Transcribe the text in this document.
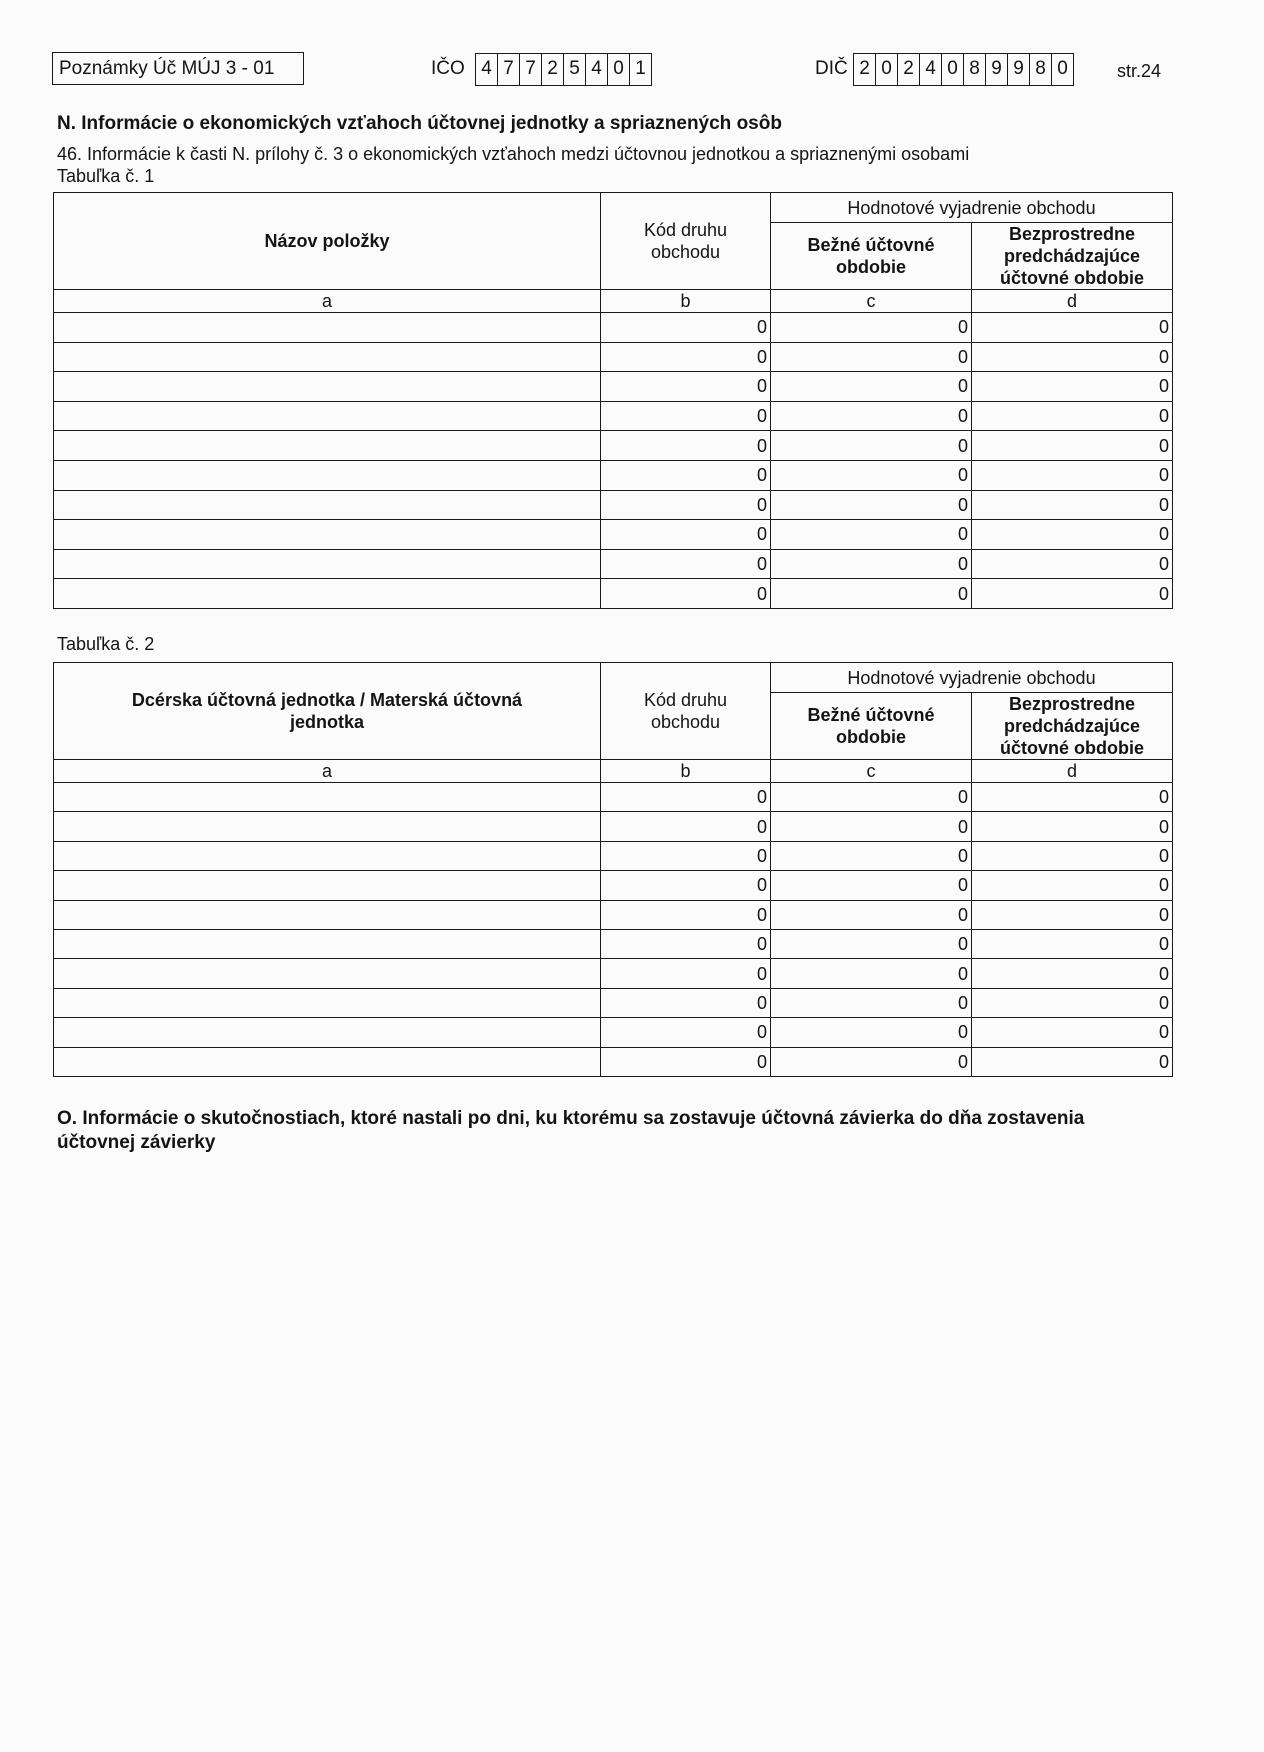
Poznámky Úč MÚJ 3 - 01	IČO 4 7 7 2 5 4 0 1	DIČ 2 0 2 4 0 8 9 9 8 0	str.24
N. Informácie o ekonomických vzťahoch účtovnej jednotky a spriaznených osôb
46. Informácie k časti N. prílohy č. 3 o ekonomických vzťahoch medzi účtovnou jednotkou a spriaznenými osobami
Tabuľka č. 1
Názov položky	Kód druhu obchodu	Hodnotové vyjadrenie obchodu	
		Bežné účtovné obdobie	Bezprostredne predchádzajúce účtovné obdobie
a	b	c	d
	0	0	0
	0	0	0
	0	0	0
	0	0	0
	0	0	0
	0	0	0
	0	0	0
	0	0	0
	0	0	0
	0	0	0
Tabuľka č. 2
Dcérska účtovná jednotka / Materská účtovná jednotka	Kód druhu obchodu	Hodnotové vyjadrenie obchodu	
		Bežné účtovné obdobie	Bezprostredne predchádzajúce účtovné obdobie
a	b	c	d
	0	0	0
	0	0	0
	0	0	0
	0	0	0
	0	0	0
	0	0	0
	0	0	0
	0	0	0
	0	0	0
	0	0	0
O. Informácie o skutočnostiach, ktoré nastali po dni, ku ktorému sa zostavuje účtovná závierka do dňa zostavenia účtovnej závierky
